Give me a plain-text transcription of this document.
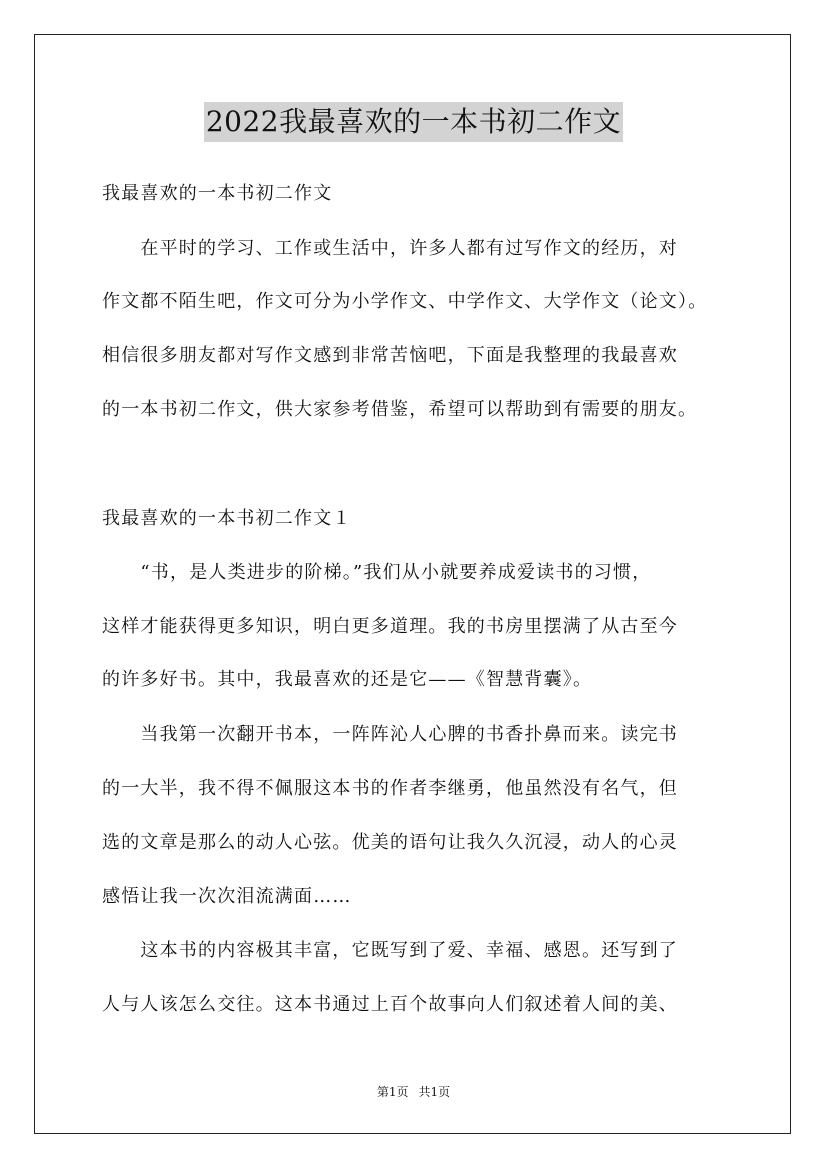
2022我最喜欢的一本书初二作文
我最喜欢的一本书初二作文
　　在平时的学习、工作或生活中，许多人都有过写作文的经历，对
作文都不陌生吧，作文可分为小学作文、中学作文、大学作文（论文）。
相信很多朋友都对写作文感到非常苦恼吧，下面是我整理的我最喜欢
的一本书初二作文，供大家参考借鉴，希望可以帮助到有需要的朋友。
我最喜欢的一本书初二作文１
　　“书，是人类进步的阶梯。”我们从小就要养成爱读书的习惯，
这样才能获得更多知识，明白更多道理。我的书房里摆满了从古至今
的许多好书。其中，我最喜欢的还是它——《智慧背囊》。
　　当我第一次翻开书本，一阵阵沁人心脾的书香扑鼻而来。读完书
的一大半，我不得不佩服这本书的作者李继勇，他虽然没有名气，但
选的文章是那么的动人心弦。优美的语句让我久久沉浸，动人的心灵
感悟让我一次次泪流满面……
　　这本书的内容极其丰富，它既写到了爱、幸福、感恩。还写到了
人与人该怎么交往。这本书通过上百个故事向人们叙述着人间的美、
第1页 共1页
